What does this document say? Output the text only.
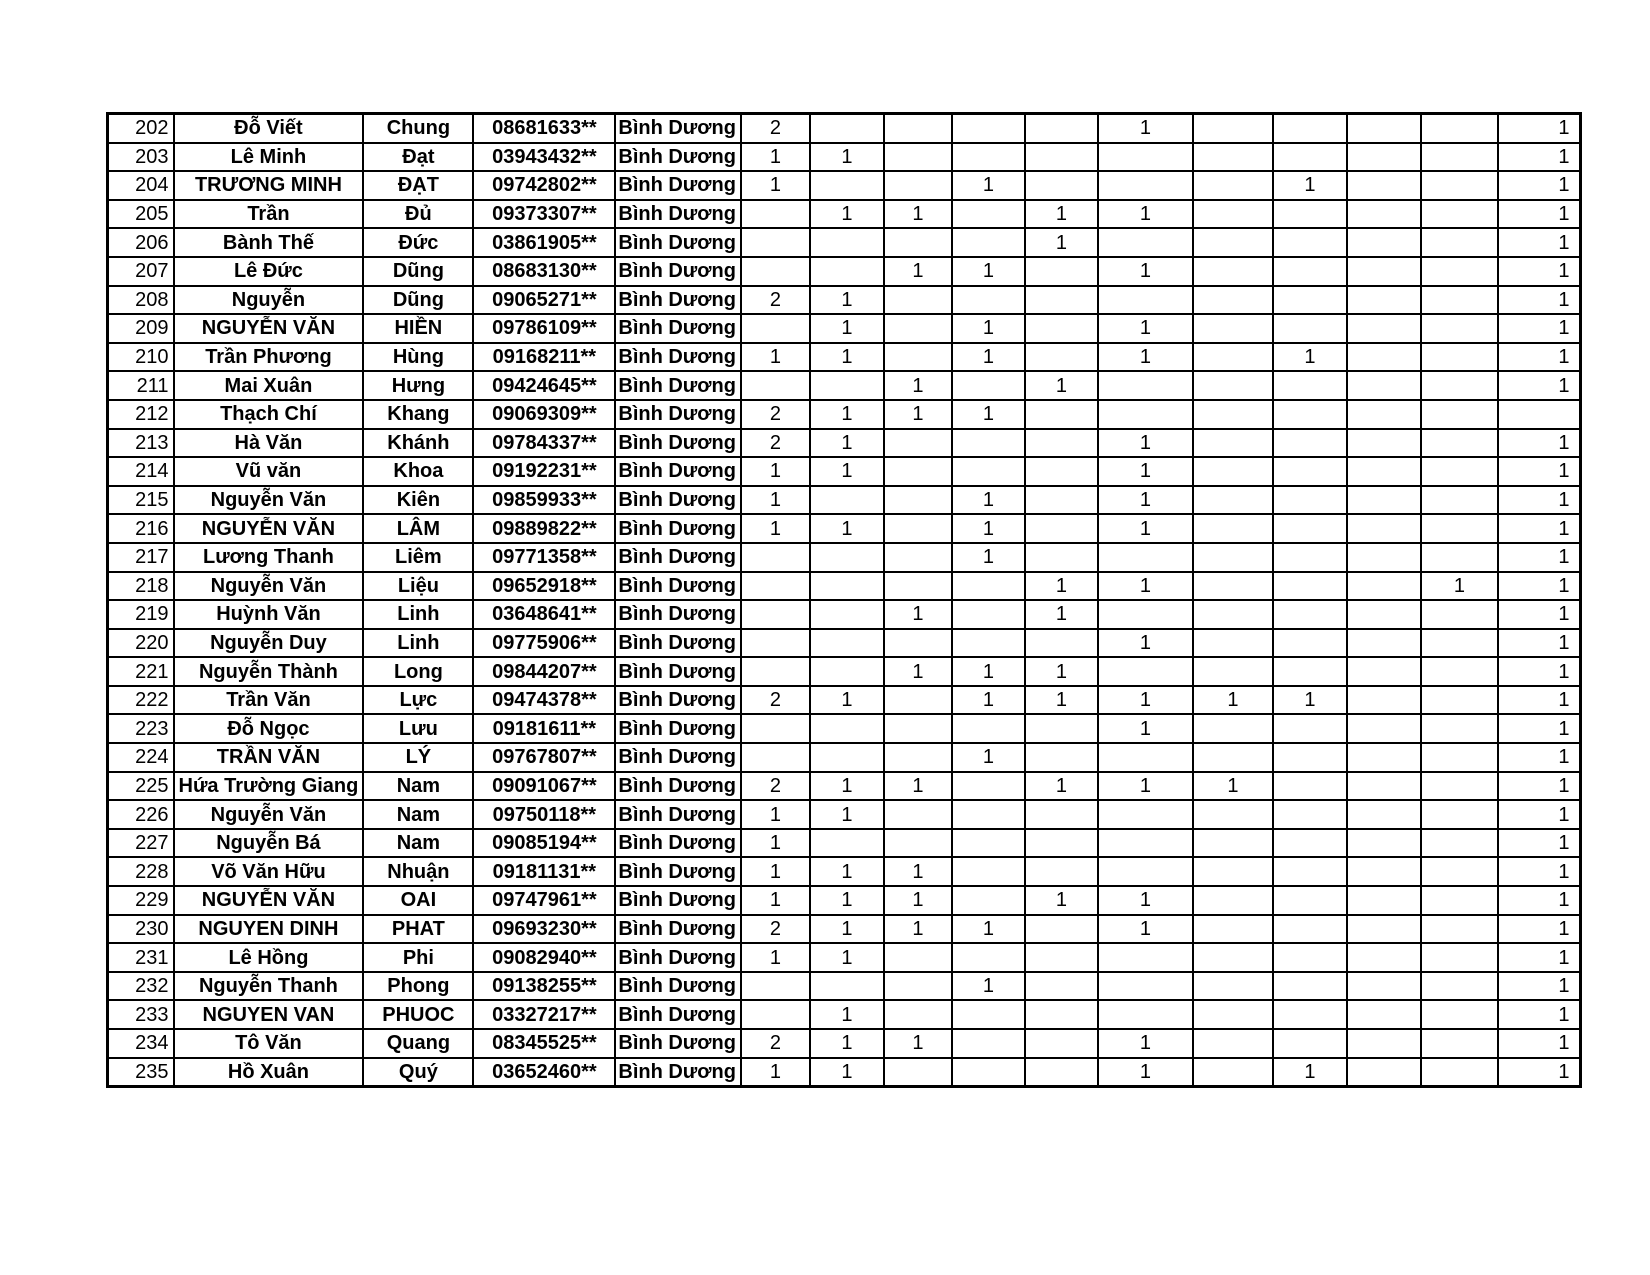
202	Đỗ Viết	Chung	08681633**	Bình Dương	2					1					1
203	Lê Minh	Đạt	03943432**	Bình Dương	1	1									1
204	TRƯƠNG MINH	ĐẠT	09742802**	Bình Dương	1			1				1			1
205	Trần	Đủ	09373307**	Bình Dương		1	1		1	1					1
206	Bành Thế	Đức	03861905**	Bình Dương					1						1
207	Lê Đức	Dũng	08683130**	Bình Dương			1	1		1					1
208	Nguyễn	Dũng	09065271**	Bình Dương	2	1									1
209	NGUYỄN VĂN	HIỀN	09786109**	Bình Dương		1		1		1					1
210	Trần Phương	Hùng	09168211**	Bình Dương	1	1		1		1		1			1
211	Mai Xuân	Hưng	09424645**	Bình Dương			1		1						1
212	Thạch Chí	Khang	09069309**	Bình Dương	2	1	1	1							
213	Hà Văn	Khánh	09784337**	Bình Dương	2	1				1					1
214	Vũ văn	Khoa	09192231**	Bình Dương	1	1				1					1
215	Nguyễn Văn	Kiên	09859933**	Bình Dương	1			1		1					1
216	NGUYỄN VĂN	LÂM	09889822**	Bình Dương	1	1		1		1					1
217	Lương Thanh	Liêm	09771358**	Bình Dương				1							1
218	Nguyễn Văn	Liệu	09652918**	Bình Dương					1	1				1	1
219	Huỳnh Văn	Linh	03648641**	Bình Dương			1		1						1
220	Nguyễn Duy	Linh	09775906**	Bình Dương						1					1
221	Nguyễn Thành	Long	09844207**	Bình Dương			1	1	1						1
222	Trần Văn	Lực	09474378**	Bình Dương	2	1		1	1	1	1	1			1
223	Đỗ Ngọc	Lưu	09181611**	Bình Dương						1					1
224	TRẦN VĂN	LÝ	09767807**	Bình Dương				1							1
225	Hứa Trường Giang	Nam	09091067**	Bình Dương	2	1	1		1	1	1				1
226	Nguyễn Văn	Nam	09750118**	Bình Dương	1	1									1
227	Nguyễn Bá	Nam	09085194**	Bình Dương	1										1
228	Võ Văn Hữu	Nhuận	09181131**	Bình Dương	1	1	1								1
229	NGUYỄN VĂN	OAI	09747961**	Bình Dương	1	1	1		1	1					1
230	NGUYEN DINH	PHAT	09693230**	Bình Dương	2	1	1	1		1					1
231	Lê Hồng	Phi	09082940**	Bình Dương	1	1									1
232	Nguyễn Thanh	Phong	09138255**	Bình Dương				1							1
233	NGUYEN VAN	PHUOC	03327217**	Bình Dương		1									1
234	Tô Văn	Quang	08345525**	Bình Dương	2	1	1			1					1
235	Hồ Xuân	Quý	03652460**	Bình Dương	1	1				1		1			1
